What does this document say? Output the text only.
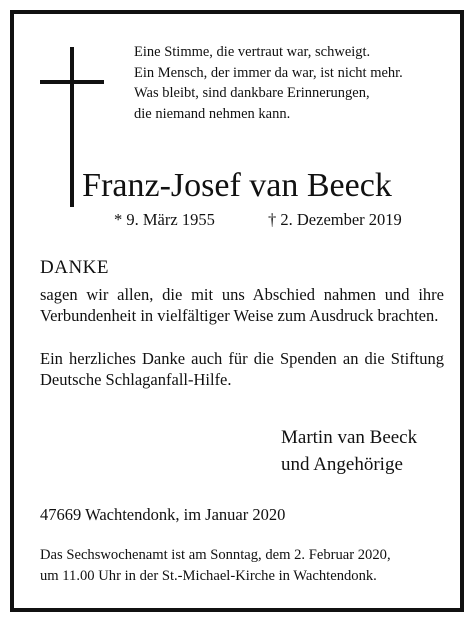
Eine Stimme, die vertraut war, schweigt.
Ein Mensch, der immer da war, ist nicht mehr.
Was bleibt, sind dankbare Erinnerungen,
die niemand nehmen kann.
Franz-Josef van Beeck
* 9. März 1955	† 2. Dezember 2019
DANKE
sagen wir allen, die mit uns Abschied nahmen und ihre Verbundenheit in vielfältiger Weise zum Ausdruck brachten.
Ein herzliches Danke auch für die Spenden an die Stiftung Deutsche Schlaganfall-Hilfe.
Martin van Beeck
und Angehörige
47669 Wachtendonk, im Januar 2020
Das Sechswochenamt ist am Sonntag, dem 2. Februar 2020,
um 11.00 Uhr in der St.-Michael-Kirche in Wachtendonk.
